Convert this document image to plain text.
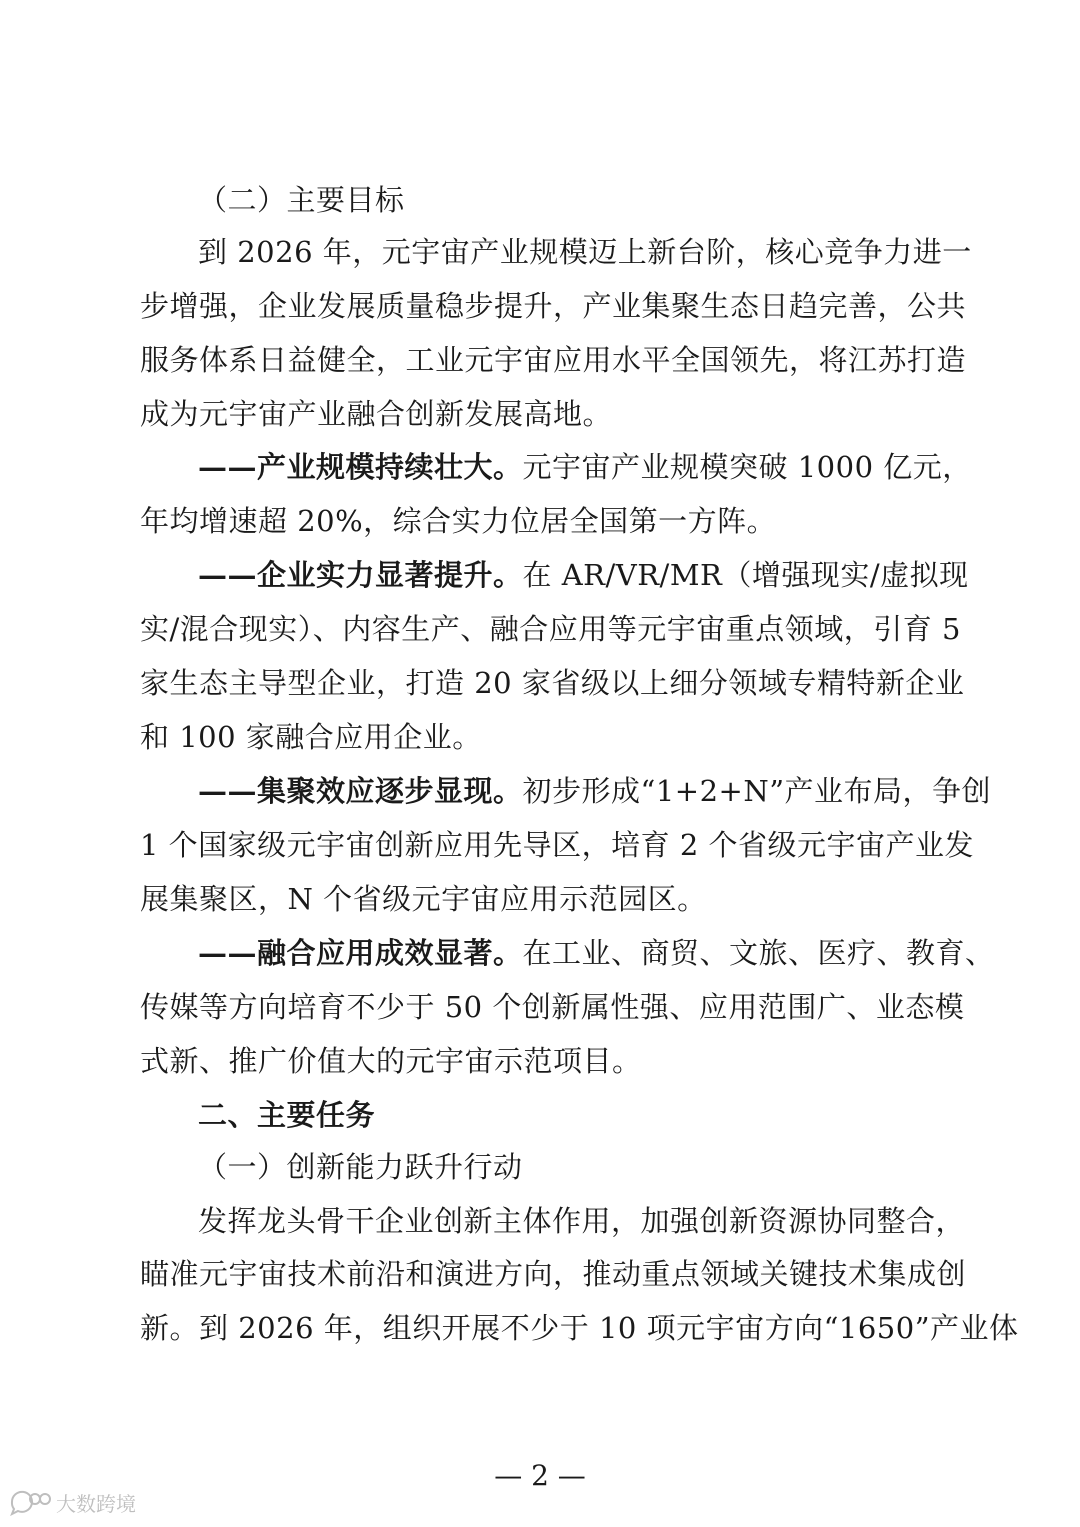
（二）主要目标
到 2026 年，元宇宙产业规模迈上新台阶，核心竞争力进一
步增强，企业发展质量稳步提升，产业集聚生态日趋完善，公共
服务体系日益健全，工业元宇宙应用水平全国领先，将江苏打造
成为元宇宙产业融合创新发展高地。
——产业规模持续壮大。元宇宙产业规模突破 1000 亿元，
年均增速超 20%，综合实力位居全国第一方阵。
——企业实力显著提升。在 AR/VR/MR（增强现实/虚拟现
实/混合现实）、内容生产、融合应用等元宇宙重点领域，引育 5
家生态主导型企业，打造 20 家省级以上细分领域专精特新企业
和 100 家融合应用企业。
——集聚效应逐步显现。初步形成“1+2+N”产业布局，争创
1 个国家级元宇宙创新应用先导区，培育 2 个省级元宇宙产业发
展集聚区，N 个省级元宇宙应用示范园区。
——融合应用成效显著。在工业、商贸、文旅、医疗、教育、
传媒等方向培育不少于 50 个创新属性强、应用范围广、业态模
式新、推广价值大的元宇宙示范项目。
二、主要任务
（一）创新能力跃升行动
发挥龙头骨干企业创新主体作用，加强创新资源协同整合，
瞄准元宇宙技术前沿和演进方向，推动重点领域关键技术集成创
新。到 2026 年，组织开展不少于 10 项元宇宙方向“1650”产业体
— 2 —
大数跨境
